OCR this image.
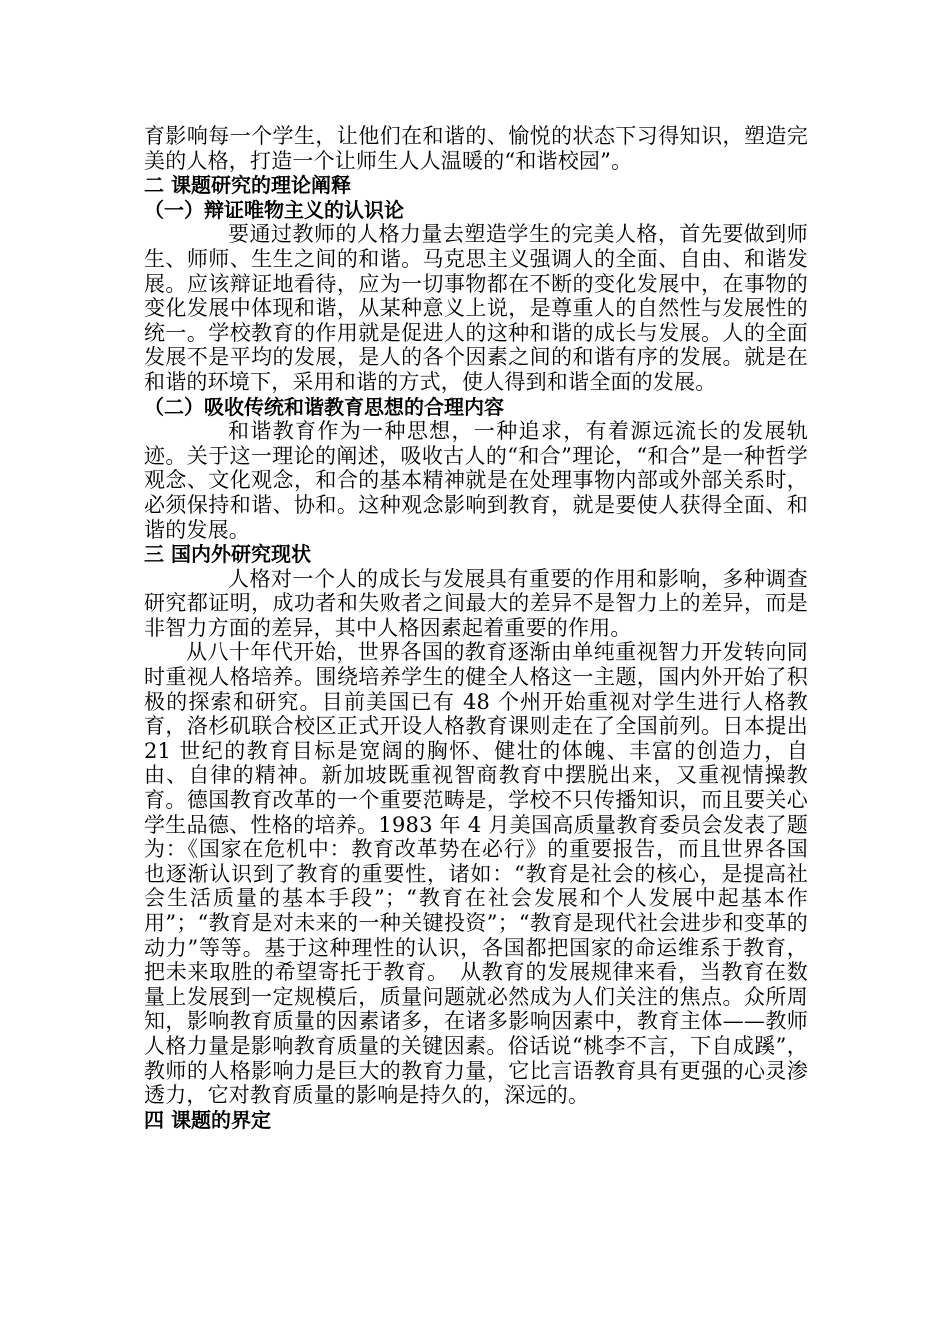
育影响每一个学生，让他们在和谐的、愉悦的状态下习得知识，塑造完美的人格，打造一个让师生人人温暖的“和谐校园”。

二 课题研究的理论阐释
（一）辩证唯物主义的认识论

要通过教师的人格力量去塑造学生的完美人格，首先要做到师生、师师、生生之间的和谐。马克思主义强调人的全面、自由、和谐发展。应该辩证地看待，应为一切事物都在不断的变化发展中，在事物的变化发展中体现和谐，从某种意义上说，是尊重人的自然性与发展性的统一。学校教育的作用就是促进人的这种和谐的成长与发展。人的全面发展不是平均的发展，是人的各个因素之间的和谐有序的发展。就是在和谐的环境下，采用和谐的方式，使人得到和谐全面的发展。

（二）吸收传统和谐教育思想的合理内容

和谐教育作为一种思想，一种追求，有着源远流长的发展轨迹。关于这一理论的阐述，吸收古人的“和合”理论，“和合”是一种哲学观念、文化观念，和合的基本精神就是在处理事物内部或外部关系时，必须保持和谐、协和。这种观念影响到教育，就是要使人获得全面、和谐的发展。

三 国内外研究现状

人格对一个人的成长与发展具有重要的作用和影响，多种调查研究都证明，成功者和失败者之间最大的差异不是智力上的差异，而是非智力方面的差异，其中人格因素起着重要的作用。

从八十年代开始，世界各国的教育逐渐由单纯重视智力开发转向同时重视人格培养。围绕培养学生的健全人格这一主题，国内外开始了积极的探索和研究。目前美国已有 48 个州开始重视对学生进行人格教育，洛杉矶联合校区正式开设人格教育课则走在了全国前列。日本提出 21 世纪的教育目标是宽阔的胸怀、健壮的体魄、丰富的创造力，自由、自律的精神。新加坡既重视智商教育中摆脱出来，又重视情操教育。德国教育改革的一个重要范畴是，学校不只传播知识，而且要关心学生品德、性格的培养。1983 年 4 月美国高质量教育委员会发表了题为：《国家在危机中：教育改革势在必行》的重要报告，而且世界各国也逐渐认识到了教育的重要性，诸如：“教育是社会的核心，是提高社会生活质量的基本手段”；“教育在社会发展和个人发展中起基本作用”；“教育是对未来的一种关键投资”；“教育是现代社会进步和变革的动力”等等。基于这种理性的认识，各国都把国家的命运维系于教育，把未来取胜的希望寄托于教育。　从教育的发展规律来看，当教育在数量上发展到一定规模后，质量问题就必然成为人们关注的焦点。众所周知，影响教育质量的因素诸多，在诸多影响因素中，教育主体——教师人格力量是影响教育质量的关键因素。俗话说“桃李不言，下自成蹊”，教师的人格影响力是巨大的教育力量，它比言语教育具有更强的心灵渗透力，它对教育质量的影响是持久的，深远的。

四 课题的界定
